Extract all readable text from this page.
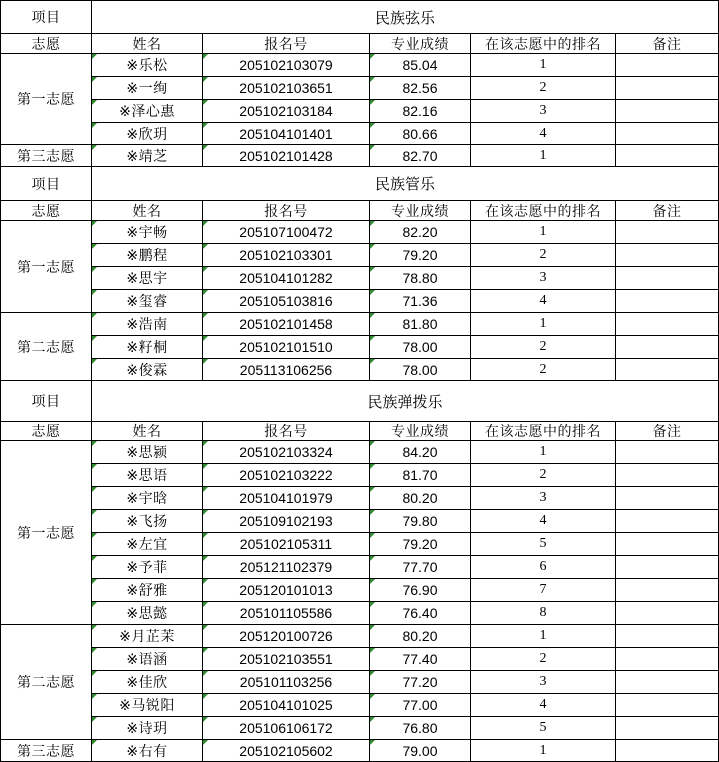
项目	民族弦乐
志愿	姓名	报名号	专业成绩	在该志愿中的排名	备注
第一志愿
※乐松	205102103079	85.04	1
※一绚	205102103651	82.56	2
※泽心惠	205102103184	82.16	3
※欣玥	205104101401	80.66	4
第三志愿	※靖芝	205102101428	82.70	1
项目	民族管乐
志愿	姓名	报名号	专业成绩	在该志愿中的排名	备注
第一志愿
※宇畅	205107100472	82.20	1
※鹏程	205102103301	79.20	2
※思宇	205104101282	78.80	3
※玺睿	205105103816	71.36	4
第二志愿
※浩南	205102101458	81.80	1
※籽桐	205102101510	78.00	2
※俊霖	205113106256	78.00	2
项目	民族弹拨乐
志愿	姓名	报名号	专业成绩	在该志愿中的排名	备注
第一志愿
※思颍	205102103324	84.20	1
※思语	205102103222	81.70	2
※宇晗	205104101979	80.20	3
※飞扬	205109102193	79.80	4
※左宜	205102105311	79.20	5
※予菲	205121102379	77.70	6
※舒雅	205120101013	76.90	7
※思懿	205101105586	76.40	8
第二志愿
※月芷茉	205120100726	80.20	1
※语涵	205102103551	77.40	2
※佳欣	205101103256	77.20	3
※马锐阳	205104101025	77.00	4
※诗玥	205106106172	76.80	5
第三志愿	※右有	205102105602	79.00	1
